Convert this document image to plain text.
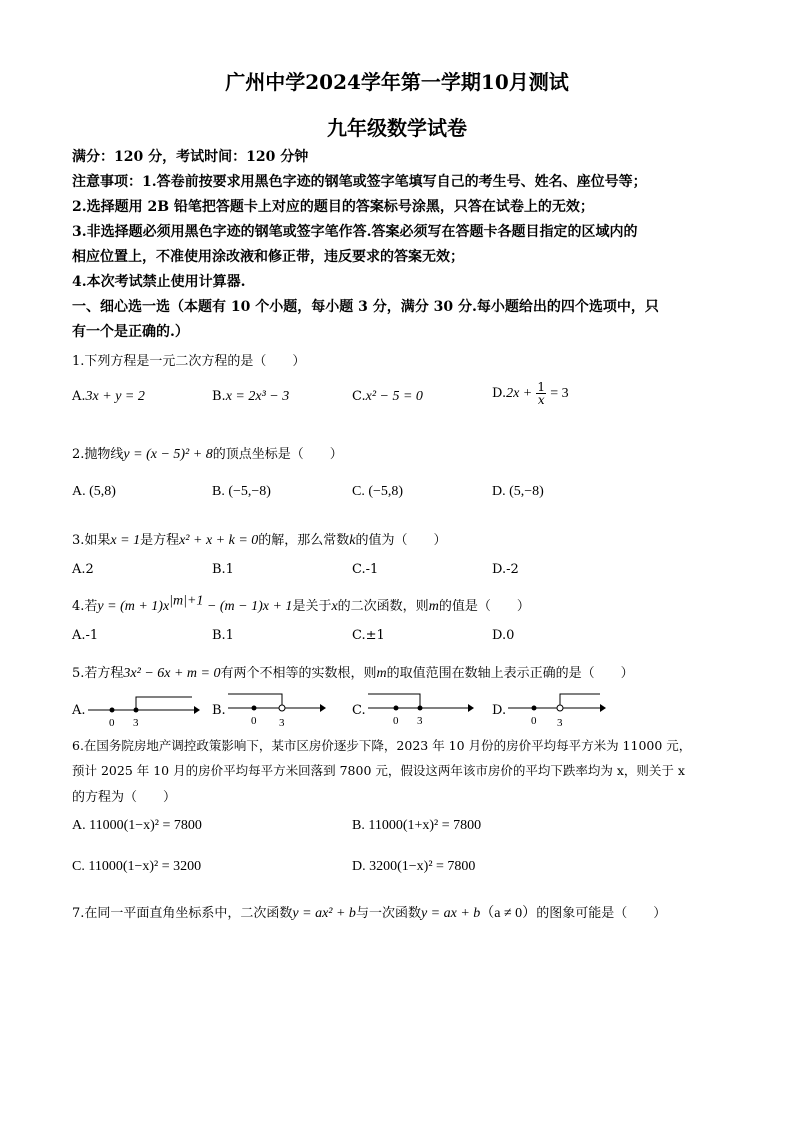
广州中学2024学年第一学期10月测试
九年级数学试卷
满分：120 分，考试时间：120 分钟
注意事项：1.答卷前按要求用黑色字迹的钢笔或签字笔填写自己的考生号、姓名、座位号等；
2.选择题用 2B 铅笔把答题卡上对应的题目的答案标号涂黑，只答在试卷上的无效；
3.非选择题必须用黑色字迹的钢笔或签字笔作答.答案必须写在答题卡各题目指定的区域内的
相应位置上，不准使用涂改液和修正带，违反要求的答案无效；
4.本次考试禁止使用计算器.
一、细心选一选（本题有 10 个小题，每小题 3 分，满分 30 分.每小题给出的四个选项中，只
有一个是正确的.）
1.下列方程是一元二次方程的是（　　）
A.3x + y = 2	B.x = 2x³ − 3	C.x² − 5 = 0	$D.2x + \frac{1}{x} = 3$
2.抛物线y = (x − 5)² + 8的顶点坐标是（　　）
A. (5,8)	B. (−5,−8)	C. (−5,8)	D. (5,−8)
3.如果x = 1是方程x² + x + k = 0的解，那么常数k的值为（　　）
A.2	B.1	C.-1	D.-2
4.若$y = (m + 1)x^{|m|+1} - (m - 1)x + 1$是关于x的二次函数，则m的值是（　　）
A.-1	B.1	C.±1	D.0
5.若方程3x² − 6x + m = 0有两个不相等的实数根，则m的取值范围在数轴上表示正确的是（　　）
A.
0 3
B.
0 3
C.
0 3
D.
0 3
6.在国务院房地产调控政策影响下，某市区房价逐步下降，2023 年 10 月份的房价平均每平方米为 11000 元，
预计 2025 年 10 月的房价平均每平方米回落到 7800 元，假设这两年该市房价的平均下跌率均为 x，则关于 x
的方程为（　　）
A. 11000(1−x)² = 7800	B. 11000(1+x)² = 7800
C. 11000(1−x)² = 3200	D. 3200(1−x)² = 7800
7.在同一平面直角坐标系中，二次函数y = ax² + b与一次函数y = ax + b（a ≠ 0）的图象可能是（　　）
